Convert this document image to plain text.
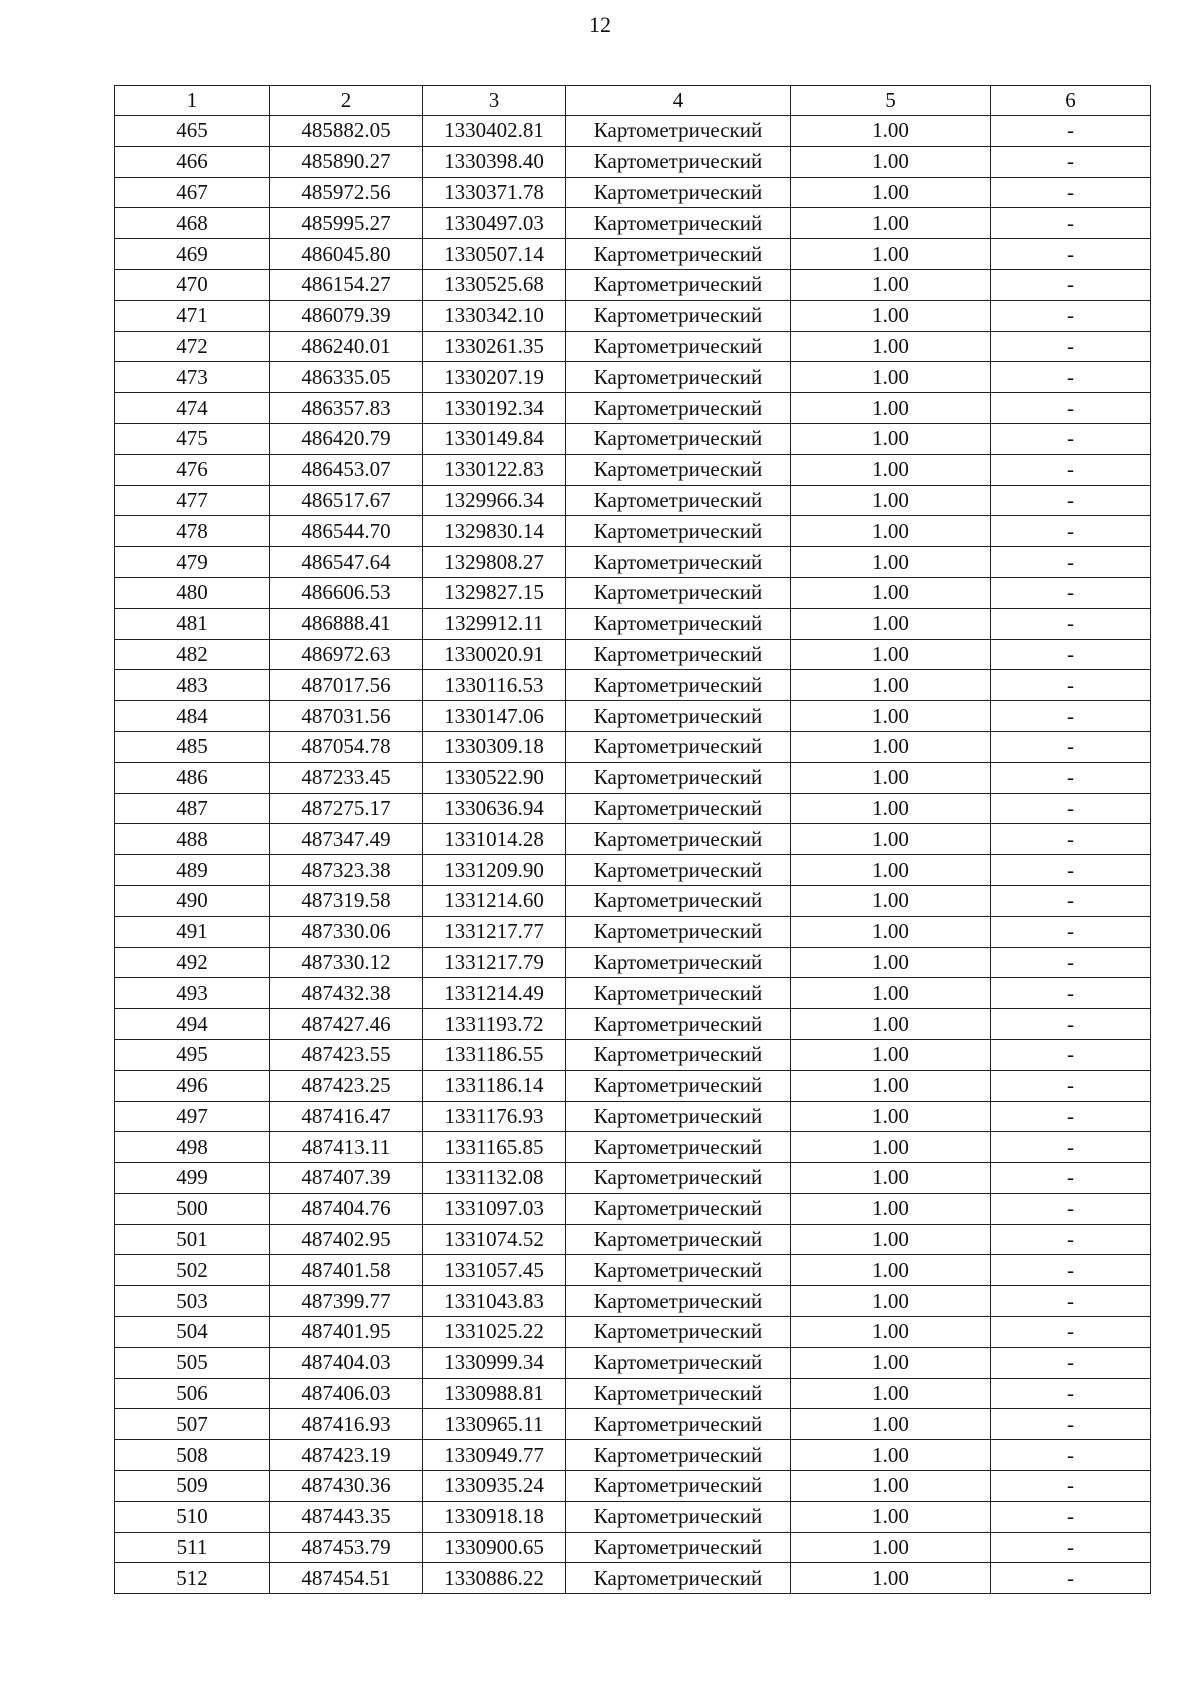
12
1	2	3	4	5	6
465	485882.05	1330402.81	Картометрический	1.00	-
466	485890.27	1330398.40	Картометрический	1.00	-
467	485972.56	1330371.78	Картометрический	1.00	-
468	485995.27	1330497.03	Картометрический	1.00	-
469	486045.80	1330507.14	Картометрический	1.00	-
470	486154.27	1330525.68	Картометрический	1.00	-
471	486079.39	1330342.10	Картометрический	1.00	-
472	486240.01	1330261.35	Картометрический	1.00	-
473	486335.05	1330207.19	Картометрический	1.00	-
474	486357.83	1330192.34	Картометрический	1.00	-
475	486420.79	1330149.84	Картометрический	1.00	-
476	486453.07	1330122.83	Картометрический	1.00	-
477	486517.67	1329966.34	Картометрический	1.00	-
478	486544.70	1329830.14	Картометрический	1.00	-
479	486547.64	1329808.27	Картометрический	1.00	-
480	486606.53	1329827.15	Картометрический	1.00	-
481	486888.41	1329912.11	Картометрический	1.00	-
482	486972.63	1330020.91	Картометрический	1.00	-
483	487017.56	1330116.53	Картометрический	1.00	-
484	487031.56	1330147.06	Картометрический	1.00	-
485	487054.78	1330309.18	Картометрический	1.00	-
486	487233.45	1330522.90	Картометрический	1.00	-
487	487275.17	1330636.94	Картометрический	1.00	-
488	487347.49	1331014.28	Картометрический	1.00	-
489	487323.38	1331209.90	Картометрический	1.00	-
490	487319.58	1331214.60	Картометрический	1.00	-
491	487330.06	1331217.77	Картометрический	1.00	-
492	487330.12	1331217.79	Картометрический	1.00	-
493	487432.38	1331214.49	Картометрический	1.00	-
494	487427.46	1331193.72	Картометрический	1.00	-
495	487423.55	1331186.55	Картометрический	1.00	-
496	487423.25	1331186.14	Картометрический	1.00	-
497	487416.47	1331176.93	Картометрический	1.00	-
498	487413.11	1331165.85	Картометрический	1.00	-
499	487407.39	1331132.08	Картометрический	1.00	-
500	487404.76	1331097.03	Картометрический	1.00	-
501	487402.95	1331074.52	Картометрический	1.00	-
502	487401.58	1331057.45	Картометрический	1.00	-
503	487399.77	1331043.83	Картометрический	1.00	-
504	487401.95	1331025.22	Картометрический	1.00	-
505	487404.03	1330999.34	Картометрический	1.00	-
506	487406.03	1330988.81	Картометрический	1.00	-
507	487416.93	1330965.11	Картометрический	1.00	-
508	487423.19	1330949.77	Картометрический	1.00	-
509	487430.36	1330935.24	Картометрический	1.00	-
510	487443.35	1330918.18	Картометрический	1.00	-
511	487453.79	1330900.65	Картометрический	1.00	-
512	487454.51	1330886.22	Картометрический	1.00	-
